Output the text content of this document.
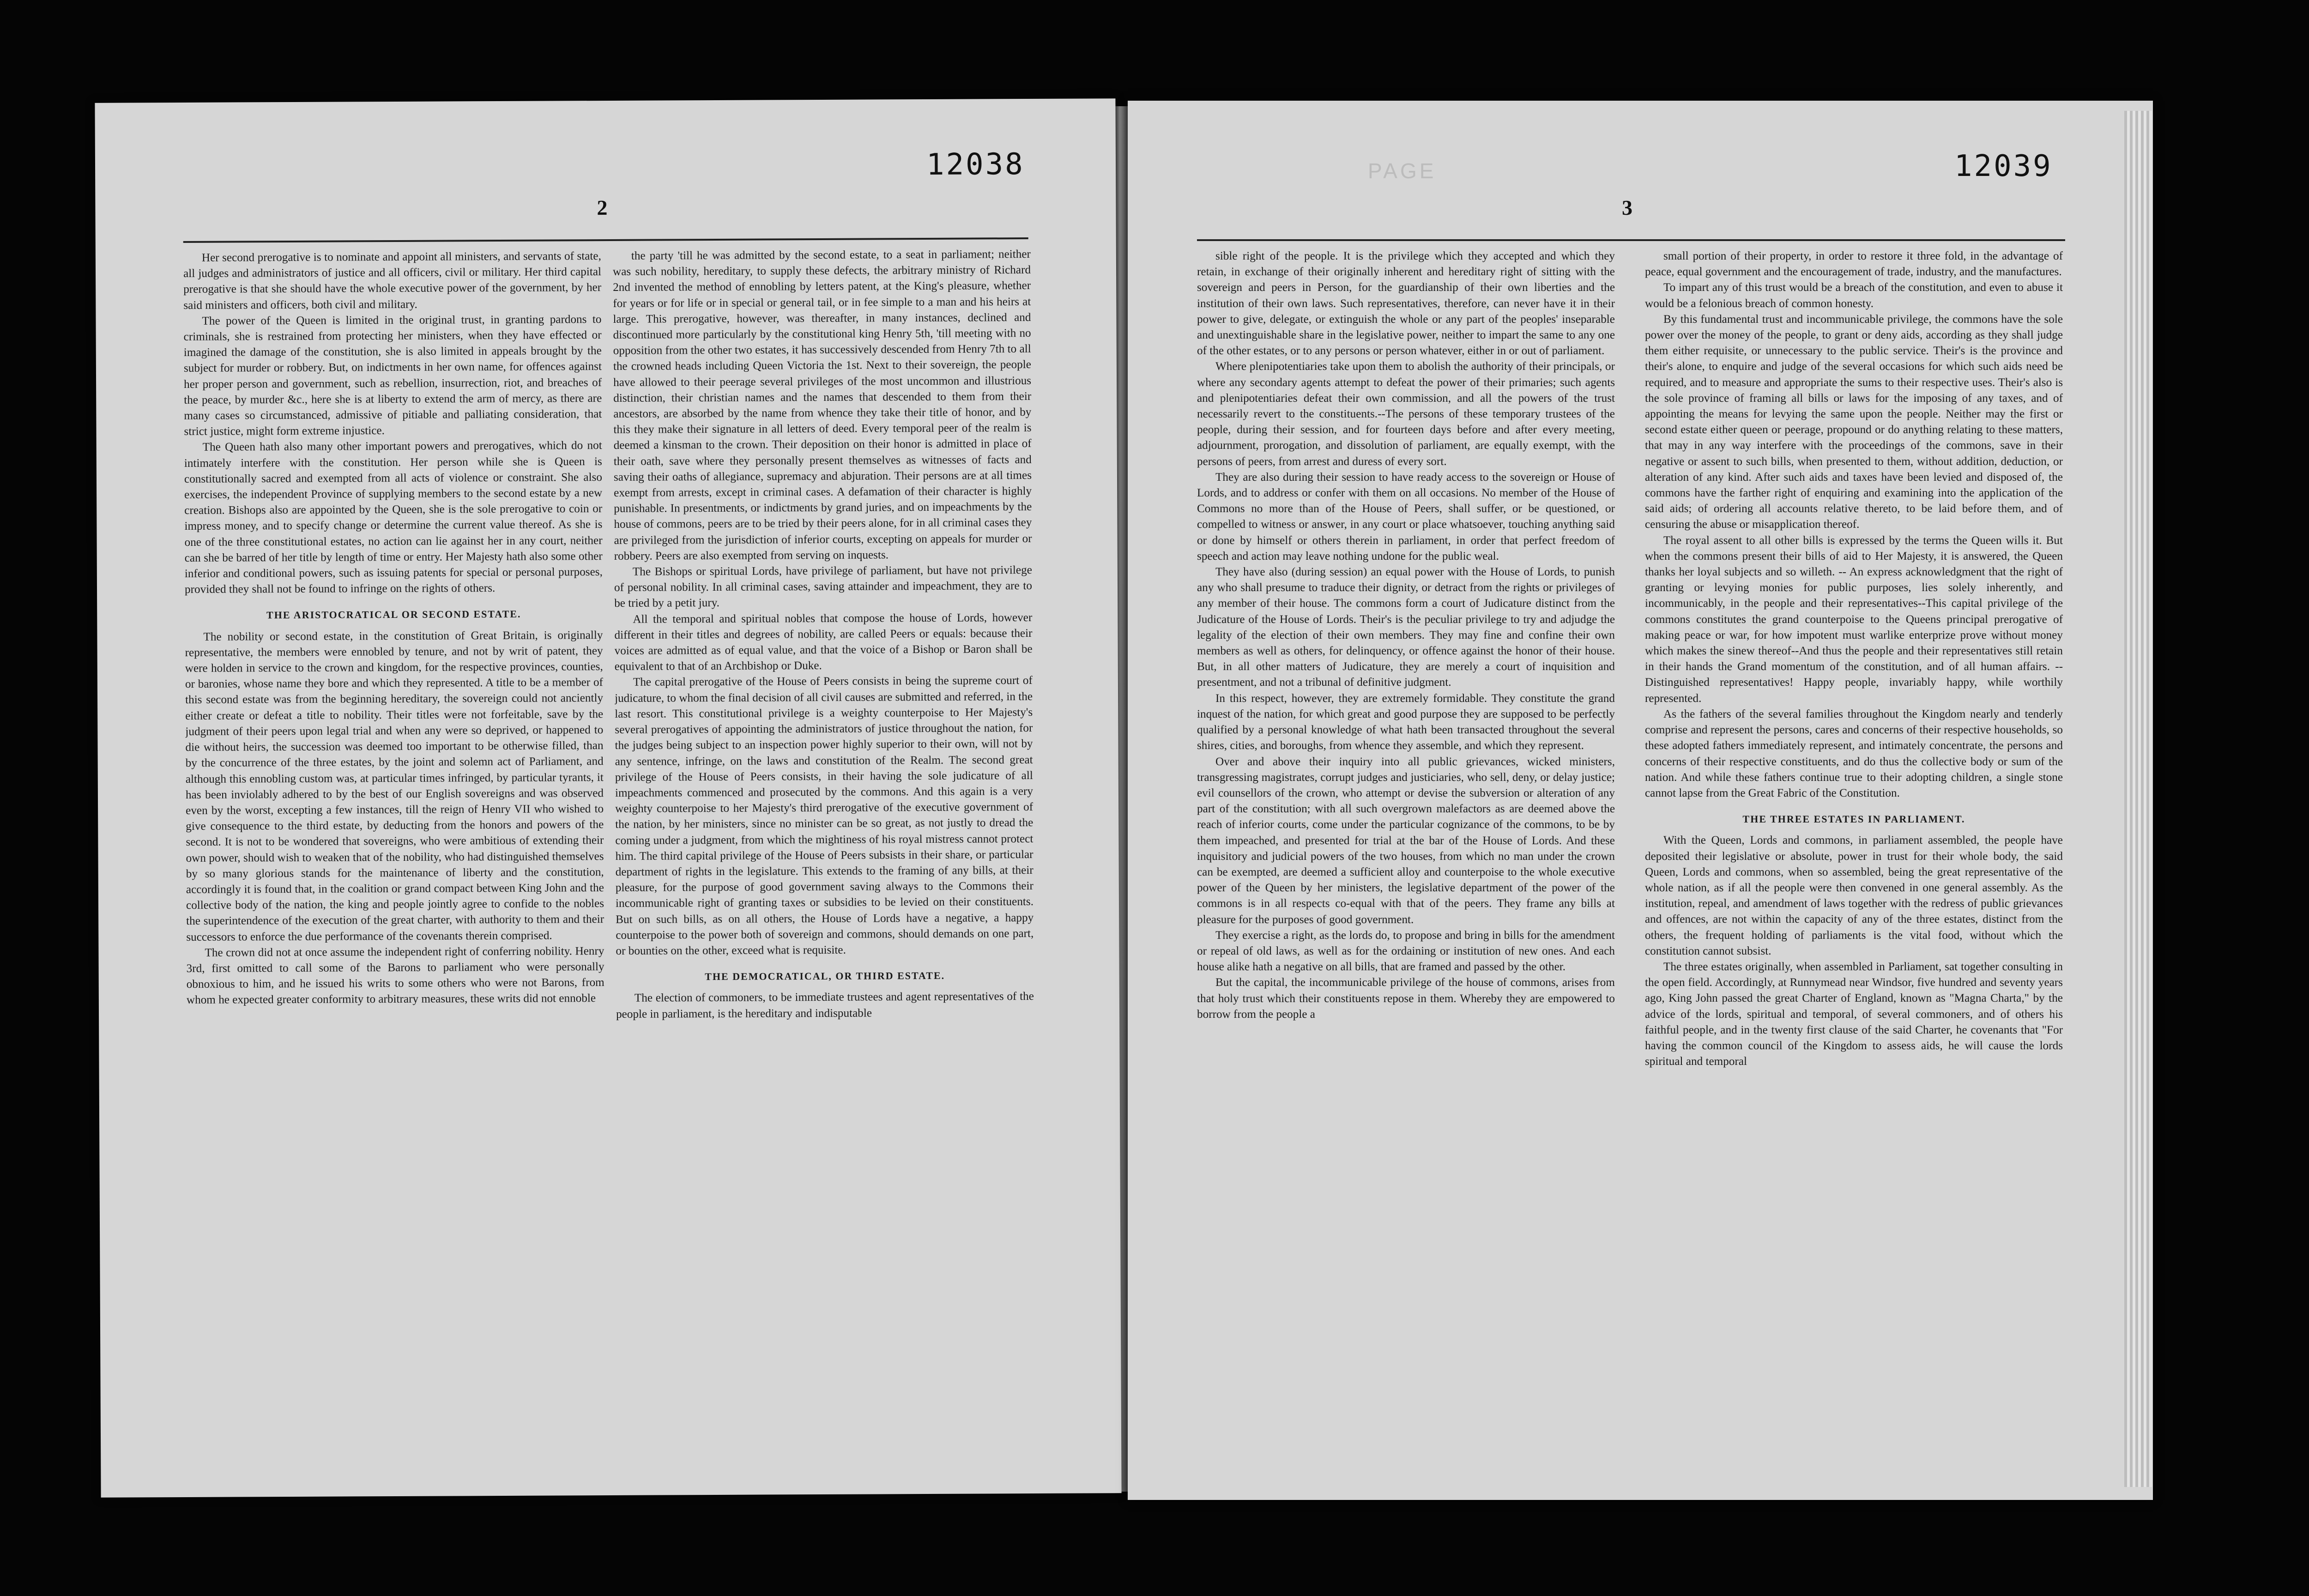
12038
2

Her second prerogative is to nominate and appoint all ministers, and servants of state, all judges and administrators of justice and all officers, civil or military. Her third capital prerogative is that she should have the whole executive power of the government, by her said ministers and officers, both civil and military.

The power of the Queen is limited in the original trust, in granting pardons to criminals, she is restrained from protecting her ministers, when they have effected or imagined the damage of the constitution, she is also limited in appeals brought by the subject for murder or robbery. But, on indictments in her own name, for offences against her proper person and government, such as rebellion, insurrection, riot, and breaches of the peace, by murder &c., here she is at liberty to extend the arm of mercy, as there are many cases so circumstanced, admissive of pitiable and palliating consideration, that strict justice, might form extreme injustice.

The Queen hath also many other important powers and prerogatives, which do not intimately interfere with the constitution. Her person while she is Queen is constitutionally sacred and exempted from all acts of violence or constraint. She also exercises, the independent Province of supplying members to the second estate by a new creation. Bishops also are appointed by the Queen, she is the sole prerogative to coin or impress money, and to specify change or determine the current value thereof. As she is one of the three constitutional estates, no action can lie against her in any court, neither can she be barred of her title by length of time or entry. Her Majesty hath also some other inferior and conditional powers, such as issuing patents for special or personal purposes, provided they shall not be found to infringe on the rights of others.

THE ARISTOCRATICAL OR SECOND ESTATE.

The nobility or second estate, in the constitution of Great Britain, is originally representative, the members were ennobled by tenure, and not by writ of patent, they were holden in service to the crown and kingdom, for the respective provinces, counties, or baronies, whose name they bore and which they represented. A title to be a member of this second estate was from the beginning hereditary, the sovereign could not anciently either create or defeat a title to nobility. Their titles were not forfeitable, save by the judgment of their peers upon legal trial and when any were so deprived, or happened to die without heirs, the succession was deemed too important to be otherwise filled, than by the concurrence of the three estates, by the joint and solemn act of Parliament, and although this ennobling custom was, at particular times infringed, by particular tyrants, it has been inviolably adhered to by the best of our English sovereigns and was observed even by the worst, excepting a few instances, till the reign of Henry VII who wished to give consequence to the third estate, by deducting from the honors and powers of the second. It is not to be wondered that sovereigns, who were ambitious of extending their own power, should wish to weaken that of the nobility, who had distinguished themselves by so many glorious stands for the maintenance of liberty and the constitution, accordingly it is found that, in the coalition or grand compact between King John and the collective body of the nation, the king and people jointly agree to confide to the nobles the superintendence of the execution of the great charter, with authority to them and their successors to enforce the due performance of the covenants therein comprised.

The crown did not at once assume the independent right of conferring nobility. Henry 3rd, first omitted to call some of the Barons to parliament who were personally obnoxious to him, and he issued his writs to some others who were not Barons, from whom he expected greater conformity to arbitrary measures, these writs did not ennoble

the party 'till he was admitted by the second estate, to a seat in parliament; neither was such nobility, hereditary, to supply these defects, the arbitrary ministry of Richard 2nd invented the method of ennobling by letters patent, at the King's pleasure, whether for years or for life or in special or general tail, or in fee simple to a man and his heirs at large. This prerogative, however, was thereafter, in many instances, declined and discontinued more particularly by the constitutional king Henry 5th, 'till meeting with no opposition from the other two estates, it has successively descended from Henry 7th to all the crowned heads including Queen Victoria the 1st. Next to their sovereign, the people have allowed to their peerage several privileges of the most uncommon and illustrious distinction, their christian names and the names that descended to them from their ancestors, are absorbed by the name from whence they take their title of honor, and by this they make their signature in all letters of deed. Every temporal peer of the realm is deemed a kinsman to the crown. Their deposition on their honor is admitted in place of their oath, save where they personally present themselves as witnesses of facts and saving their oaths of allegiance, supremacy and abjuration. Their persons are at all times exempt from arrests, except in criminal cases. A defamation of their character is highly punishable. In presentments, or indictments by grand juries, and on impeachments by the house of commons, peers are to be tried by their peers alone, for in all criminal cases they are privileged from the jurisdiction of inferior courts, excepting on appeals for murder or robbery. Peers are also exempted from serving on inquests.

The Bishops or spiritual Lords, have privilege of parliament, but have not privilege of personal nobility. In all criminal cases, saving attainder and impeachment, they are to be tried by a petit jury.

All the temporal and spiritual nobles that compose the house of Lords, however different in their titles and degrees of nobility, are called Peers or equals: because their voices are admitted as of equal value, and that the voice of a Bishop or Baron shall be equivalent to that of an Archbishop or Duke.

The capital prerogative of the House of Peers consists in being the supreme court of judicature, to whom the final decision of all civil causes are submitted and referred, in the last resort. This constitutional privilege is a weighty counterpoise to Her Majesty's several prerogatives of appointing the administrators of justice throughout the nation, for the judges being subject to an inspection power highly superior to their own, will not by any sentence, infringe, on the laws and constitution of the Realm. The second great privilege of the House of Peers consists, in their having the sole judicature of all impeachments commenced and prosecuted by the commons. And this again is a very weighty counterpoise to her Majesty's third prerogative of the executive government of the nation, by her ministers, since no minister can be so great, as not justly to dread the coming under a judgment, from which the mightiness of his royal mistress cannot protect him. The third capital privilege of the House of Peers subsists in their share, or particular department of rights in the legislature. This extends to the framing of any bills, at their pleasure, for the purpose of good government saving always to the Commons their incommunicable right of granting taxes or subsidies to be levied on their constituents. But on such bills, as on all others, the House of Lords have a negative, a happy counterpoise to the power both of sovereign and commons, should demands on one part, or bounties on the other, exceed what is requisite.

THE DEMOCRATICAL, OR THIRD ESTATE.

The election of commoners, to be immediate trustees and agent representatives of the people in parliament, is the hereditary and indisputable

PAGE	12039
3

sible right of the people. It is the privilege which they accepted and which they retain, in exchange of their originally inherent and hereditary right of sitting with the sovereign and peers in Person, for the guardianship of their own liberties and the institution of their own laws. Such representatives, therefore, can never have it in their power to give, delegate, or extinguish the whole or any part of the peoples' inseparable and unextinguishable share in the legislative power, neither to impart the same to any one of the other estates, or to any persons or person whatever, either in or out of parliament.

Where plenipotentiaries take upon them to abolish the authority of their principals, or where any secondary agents attempt to defeat the power of their primaries; such agents and plenipotentiaries defeat their own commission, and all the powers of the trust necessarily revert to the constituents.--The persons of these temporary trustees of the people, during their session, and for fourteen days before and after every meeting, adjournment, prorogation, and dissolution of parliament, are equally exempt, with the persons of peers, from arrest and duress of every sort.

They are also during their session to have ready access to the sovereign or House of Lords, and to address or confer with them on all occasions. No member of the House of Commons no more than of the House of Peers, shall suffer, or be questioned, or compelled to witness or answer, in any court or place whatsoever, touching anything said or done by himself or others therein in parliament, in order that perfect freedom of speech and action may leave nothing undone for the public weal.

They have also (during session) an equal power with the House of Lords, to punish any who shall presume to traduce their dignity, or detract from the rights or privileges of any member of their house. The commons form a court of Judicature distinct from the Judicature of the House of Lords. Their's is the peculiar privilege to try and adjudge the legality of the election of their own members. They may fine and confine their own members as well as others, for delinquency, or offence against the honor of their house. But, in all other matters of Judicature, they are merely a court of inquisition and presentment, and not a tribunal of definitive judgment.

In this respect, however, they are extremely formidable. They constitute the grand inquest of the nation, for which great and good purpose they are supposed to be perfectly qualified by a personal knowledge of what hath been transacted throughout the several shires, cities, and boroughs, from whence they assemble, and which they represent.

Over and above their inquiry into all public grievances, wicked ministers, transgressing magistrates, corrupt judges and justiciaries, who sell, deny, or delay justice; evil counsellors of the crown, who attempt or devise the subversion or alteration of any part of the constitution; with all such overgrown malefactors as are deemed above the reach of inferior courts, come under the particular cognizance of the commons, to be by them impeached, and presented for trial at the bar of the House of Lords. And these inquisitory and judicial powers of the two houses, from which no man under the crown can be exempted, are deemed a sufficient alloy and counterpoise to the whole executive power of the Queen by her ministers, the legislative department of the power of the commons is in all respects co-equal with that of the peers. They frame any bills at pleasure for the purposes of good government.

They exercise a right, as the lords do, to propose and bring in bills for the amendment or repeal of old laws, as well as for the ordaining or institution of new ones. And each house alike hath a negative on all bills, that are framed and passed by the other.

But the capital, the incommunicable privilege of the house of commons, arises from that holy trust which their constituents repose in them. Whereby they are empowered to borrow from the people a

small portion of their property, in order to restore it three fold, in the advantage of peace, equal government and the encouragement of trade, industry, and the manufactures.

To impart any of this trust would be a breach of the constitution, and even to abuse it would be a felonious breach of common honesty.

By this fundamental trust and incommunicable privilege, the commons have the sole power over the money of the people, to grant or deny aids, according as they shall judge them either requisite, or unnecessary to the public service. Their's is the province and their's alone, to enquire and judge of the several occasions for which such aids need be required, and to measure and appropriate the sums to their respective uses. Their's also is the sole province of framing all bills or laws for the imposing of any taxes, and of appointing the means for levying the same upon the people. Neither may the first or second estate either queen or peerage, propound or do anything relating to these matters, that may in any way interfere with the proceedings of the commons, save in their negative or assent to such bills, when presented to them, without addition, deduction, or alteration of any kind. After such aids and taxes have been levied and disposed of, the commons have the farther right of enquiring and examining into the application of the said aids; of ordering all accounts relative thereto, to be laid before them, and of censuring the abuse or misapplication thereof.

The royal assent to all other bills is expressed by the terms the Queen wills it. But when the commons present their bills of aid to Her Majesty, it is answered, the Queen thanks her loyal subjects and so willeth. -- An express acknowledgment that the right of granting or levying monies for public purposes, lies solely inherently, and incommunicably, in the people and their representatives--This capital privilege of the commons constitutes the grand counterpoise to the Queens principal prerogative of making peace or war, for how impotent must warlike enterprize prove without money which makes the sinew thereof--And thus the people and their representatives still retain in their hands the Grand momentum of the constitution, and of all human affairs. -- Distinguished representatives! Happy people, invariably happy, while worthily represented.

As the fathers of the several families throughout the Kingdom nearly and tenderly comprise and represent the persons, cares and concerns of their respective households, so these adopted fathers immediately represent, and intimately concentrate, the persons and concerns of their respective constituents, and do thus the collective body or sum of the nation. And while these fathers continue true to their adopting children, a single stone cannot lapse from the Great Fabric of the Constitution.

THE THREE ESTATES IN PARLIAMENT.

With the Queen, Lords and commons, in parliament assembled, the people have deposited their legislative or absolute, power in trust for their whole body, the said Queen, Lords and commons, when so assembled, being the great representative of the whole nation, as if all the people were then convened in one general assembly. As the institution, repeal, and amendment of laws together with the redress of public grievances and offences, are not within the capacity of any of the three estates, distinct from the others, the frequent holding of parliaments is the vital food, without which the constitution cannot subsist.

The three estates originally, when assembled in Parliament, sat together consulting in the open field. Accordingly, at Runnymead near Windsor, five hundred and seventy years ago, King John passed the great Charter of England, known as "Magna Charta," by the advice of the lords, spiritual and temporal, of several commoners, and of others his faithful people, and in the twenty first clause of the said Charter, he covenants that "For having the common council of the Kingdom to assess aids, he will cause the lords spiritual and temporal
